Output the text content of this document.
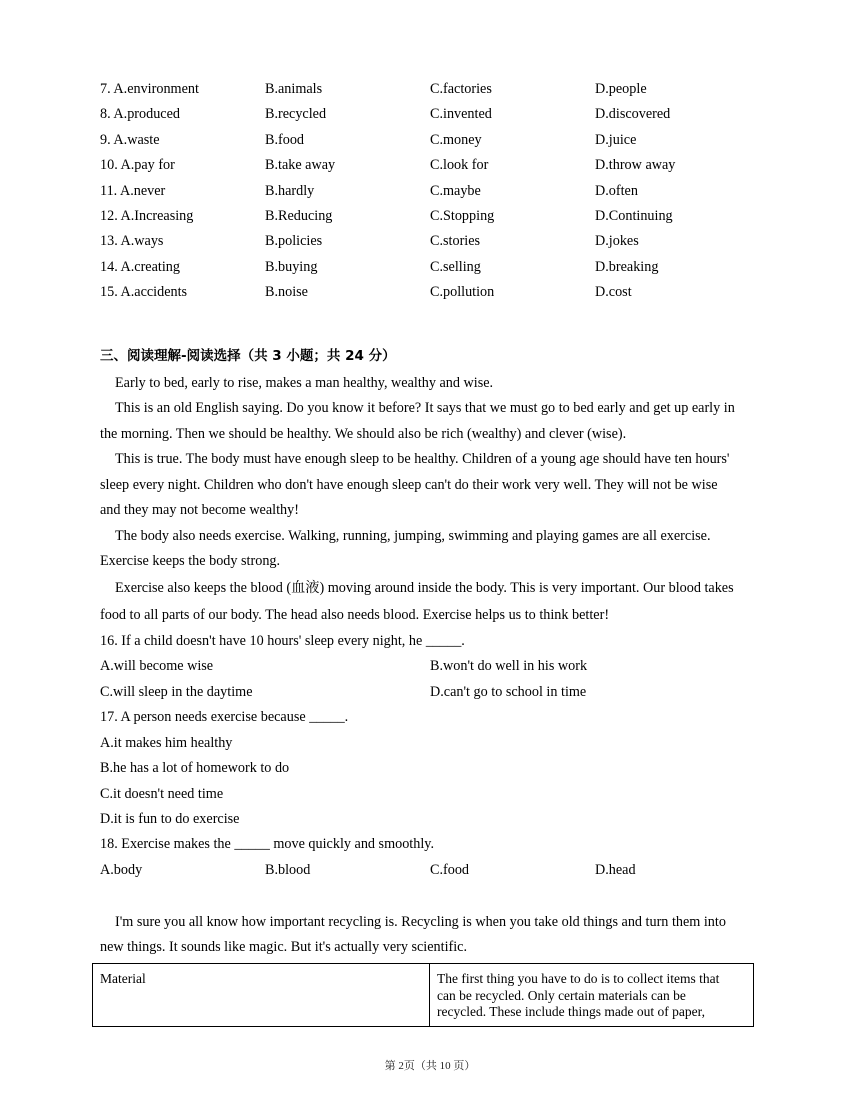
7. A.environment	B.animals	C.factories	D.people
8. A.produced	B.recycled	C.invented	D.discovered
9. A.waste	B.food	C.money	D.juice
10. A.pay for	B.take away	C.look for	D.throw away
11. A.never	B.hardly	C.maybe	D.often
12. A.Increasing	B.Reducing	C.Stopping	D.Continuing
13. A.ways	B.policies	C.stories	D.jokes
14. A.creating	B.buying	C.selling	D.breaking
15. A.accidents	B.noise	C.pollution	D.cost
三、阅读理解-阅读选择（共 3 小题；共 24 分）
Early to bed, early to rise, makes a man healthy, wealthy and wise.
This is an old English saying. Do you know it before? It says that we must go to bed early and get up early in
the morning. Then we should be healthy. We should also be rich (wealthy) and clever (wise).
This is true. The body must have enough sleep to be healthy. Children of a young age should have ten hours'
sleep every night. Children who don't have enough sleep can't do their work very well. They will not be wise
and they may not become wealthy!
The body also needs exercise. Walking, running, jumping, swimming and playing games are all exercise.
Exercise keeps the body strong.
Exercise also keeps the blood (血液) moving around inside the body. This is very important. Our blood takes
food to all parts of our body. The head also needs blood. Exercise helps us to think better!
16. If a child doesn't have 10 hours' sleep every night, he _____.
A.will become wise	B.won't do well in his work
C.will sleep in the daytime	D.can't go to school in time
17. A person needs exercise because _____.
A.it makes him healthy
B.he has a lot of homework to do
C.it doesn't need time
D.it is fun to do exercise
18. Exercise makes the _____ move quickly and smoothly.
A.body	B.blood	C.food	D.head
I'm sure you all know how important recycling is. Recycling is when you take old things and turn them into
new things. It sounds like magic. But it's actually very scientific.
Material	The first thing you have to do is to collect items that
can be recycled. Only certain materials can be
recycled. These include things made out of paper,
第 2页（共 10 页）
